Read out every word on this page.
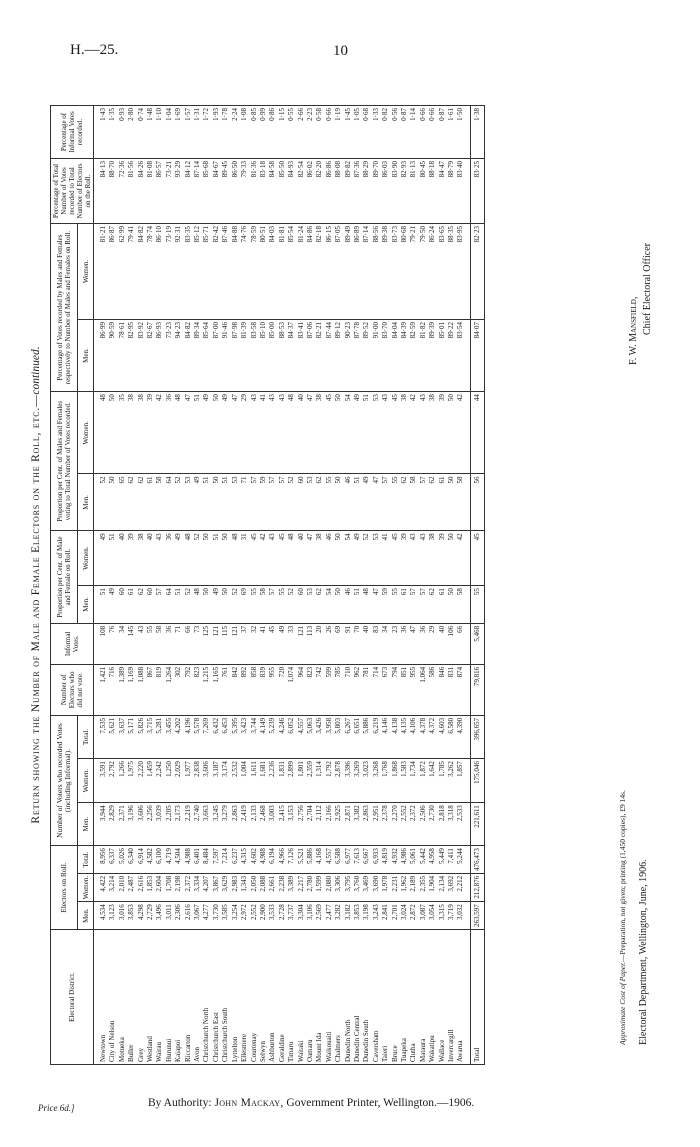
H.—25.	10
Return showing the Number of Male and Female Electors on the Roll, etc.—continued.
Electoral District.	Electors on Roll.			Number of Voters who recorded Votes (including Informal).			Number of Electors who did not vote.	Informal Votes.	Proportion per Cent. of Male and Female on Roll.		Proportion per Cent. of Males and Females voting to Total Number of Votes recorded.		Percentage of Votes recorded by Males and Females respectively to Number of Males and Females on Roll.		Percentage of Total Number of Votes recorded to Total Number of Electors on the Roll.	Percentage of Informal Votes recorded.
	Men.	Women.	Total.	Men.	Women.	Total.			Men.	Women.	Men.	Women.	Men.	Women.		
Newtown	4,534	4,422	8,956	3,944	3,591	7,535	1,421	108	51	49	52	48	86·99	81·21	84·13	1·43
City of Nelson	3,123	3,214	6,337	2,829	2,792	5,621	716	76	49	51	50	50	90·59	86·87	88·70	1·35
Motueka	3,016	2,010	5,026	2,371	1,266	3,637	1,389	34	60	40	65	35	78·61	62·99	72·36	0·93
Buller	3,853	2,487	6,340	3,196	1,975	5,171	1,169	145	61	39	62	38	82·95	79·41	81·56	2·80
Grey	4,298	2,616	6,914	3,606	2,220	5,826	1,088	43	62	38	62	38	83·92	84·82	84·26	0·74
Westland	2,729	1,853	4,582	2,256	1,459	3,715	867	55	60	40	61	39	82·67	78·74	81·08	1·48
Wairau	3,496	2,604	6,100	3,039	2,242	5,281	819	58	57	43	58	42	86·93	86·10	86·57	1·10
Hurunui	3,011	1,708	4,719	2,205	1,250	3,455	1,264	36	64	36	64	36	73·23	73·19	73·21	1·04
Kaiapoi	2,306	2,198	4,504	2,173	2,029	4,202	302	71	51	49	52	48	94·23	92·31	93·29	1·69
Riccarton	2,616	2,372	4,988	2,219	1,977	4,196	792	66	52	48	53	47	84·82	83·35	84·12	1·57
Avon	3,067	3,334	6,401	2,740	2,838	5,578	823	73	48	52	49	51	89·34	85·12	87·14	1·31
Christchurch North	4,277	4,207	8,484	3,663	3,606	7,269	1,215	125	50	50	51	49	85·64	85·71	85·68	1·72
Christchurch East	3,730	3,867	7,597	3,245	3,187	6,432	1,165	121	49	51	50	50	87·00	82·42	84·67	1·93
Christchurch South	3,585	3,629	7,214	3,279	3,174	6,453	761	115	50	50	51	49	91·46	87·46	89·45	1·78
Lyttelton	3,254	2,983	6,237	2,863	2,532	5,395	842	121	52	48	53	47	87·98	84·88	86·50	2·24
Ellesmere	2,972	1,343	4,315	2,419	1,004	3,423	892	37	69	31	71	29	81·39	74·76	79·33	1·08
Courtenay	2,552	2,050	4,602	2,133	1,611	3,744	858	32	55	45	57	43	83·58	78·59	81·36	0·85
Selwyn	2,900	2,088	4,988	2,468	1,681	4,149	839	41	58	42	59	41	85·10	80·51	83·18	0·99
Ashburton	3,533	2,661	6,194	3,003	2,236	5,239	955	45	57	43	57	43	85·00	84·03	84·58	0·86
Geraldine	2,728	2,238	4,966	2,415	1,831	4,246	720	49	55	45	57	43	88·53	81·81	85·50	1·15
Timaru	3,737	3,389	7,126	3,153	2,899	6,052	1,074	33	52	48	52	48	84·37	85·54	84·93	0·55
Waitaki	3,304	2,217	5,521	2,756	1,801	4,557	964	121	60	40	60	40	83·41	81·24	82·54	2·66
Oamaru	3,106	2,780	5,886	2,704	2,359	5,063	823	113	53	47	53	47	87·06	84·86	86·02	2·23
Mount Ida	2,569	1,599	4,168	2,112	1,314	3,426	742	20	62	38	62	38	82·21	82·18	82·20	0·58
Waikouaiti	2,477	2,080	4,557	2,166	1,792	3,958	599	26	54	46	55	45	87·44	86·15	86·86	0·66
Chalmers	3,282	3,306	6,588	2,925	2,878	5,803	785	69	50	50	50	50	89·12	87·05	88·08	1·19
Dunedin North	3,182	3,795	6,977	2,871	3,396	6,267	710	91	46	54	46	54	90·23	89·49	89·82	1·45
Dunedin Central	3,853	3,760	7,613	3,382	3,269	6,651	962	70	51	49	51	49	87·78	86·89	87·36	1·05
Dunedin South	3,198	3,469	6,667	2,863	3,023	5,886	781	40	48	52	49	51	89·52	87·14	88·29	0·68
Caversham	3,243	3,690	6,933	2,951	3,268	6,219	714	83	47	53	47	53	91·00	88·56	89·70	1·33
Taieri	2,841	1,978	4,819	2,378	1,768	4,146	673	34	59	41	57	43	83·70	89·38	86·03	0·82
Bruce	2,701	2,231	4,932	2,270	1,868	4,138	794	23	55	45	55	45	84·04	83·73	83·90	0·56
Tuapeka	3,024	1,962	4,986	2,552	1,583	4,135	851	36	61	39	62	38	84·39	80·68	82·93	0·87
Clutha	2,872	2,189	5,061	2,372	1,734	4,106	955	47	57	43	58	42	82·59	79·21	81·13	1·14
Mataura	3,087	2,355	5,442	2,506	1,872	4,378	1,064	36	57	43	57	43	81·82	79·50	80·45	0·66
Wakatipu	3,054	1,904	4,958	2,730	1,642	4,372	586	29	62	38	62	38	89·39	86·24	88·18	0·66
Wallace	3,315	2,134	5,449	2,818	1,785	4,603	846	40	61	39	61	39	85·01	83·65	84·47	0·87
Invercargill	3,719	3,692	7,411	3,318	3,262	6,580	831	106	50	50	50	50	89·22	88·35	88·79	1·61
Awarua	3,032	2,212	5,244	2,533	1,857	4,390	874	66	58	42	58	42	83·54	83·95	83·40	1·50
Total	263,597	212,876	476,473	221,611	175,046	396,657	79,816	5,468	55	45	56	44	84·07	82·23	83·25	1·38
Approximate Cost of Paper.—Preparation, not given; printing (1,450 copies), £9 14s. Electoral Department, Wellington, June, 1906.
F. W. Mansfield, Chief Electoral Officer
Price 6d.]	By Authority: John Mackay, Government Printer, Wellington.—1906.
